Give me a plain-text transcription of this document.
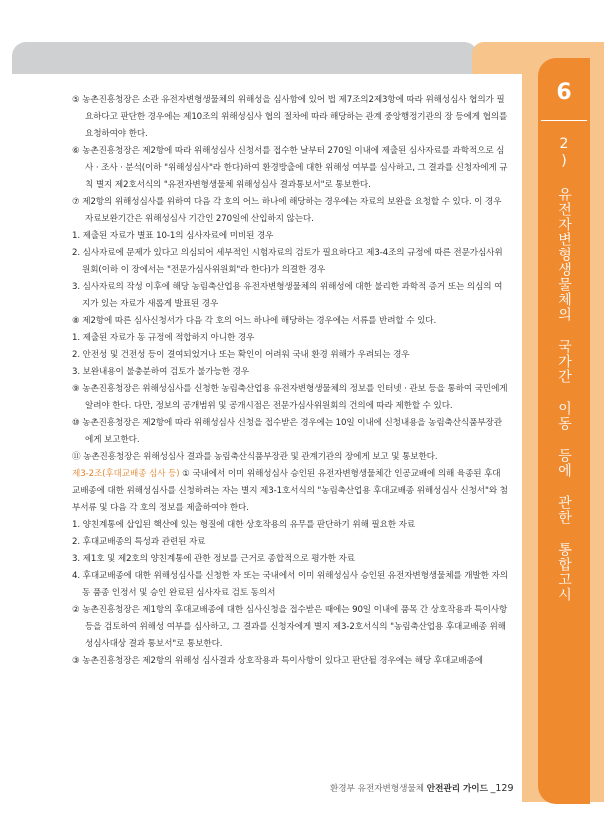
6
2) 유전자변형생물체의 국가간 이동 등에 관한 통합고시

⑤ 농촌진흥청장은 소관 유전자변형생물체의 위해성을 심사함에 있어 법 제7조의2제3항에 따라 위해성심사 협의가 필요하다고 판단한 경우에는 제10조의 위해성심사 협의 절차에 따라 해당하는 관계 중앙행정기관의 장 등에게 협의를 요청하여야 한다.

⑥ 농촌진흥청장은 제2항에 따라 위해성심사 신청서를 접수한 날부터 270일 이내에 제출된 심사자료를 과학적으로 심사 · 조사 · 분석(이하 "위해성심사"라 한다)하여 환경방출에 대한 위해성 여부를 심사하고, 그 결과를 신청자에게 규칙 별지 제2호서식의 "유전자변형생물체 위해성심사 결과통보서"로 통보한다.

⑦ 제2항의 위해성심사를 위하여 다음 각 호의 어느 하나에 해당하는 경우에는 자료의 보완을 요청할 수 있다. 이 경우 자료보완기간은 위해성심사 기간인 270일에 산입하지 않는다.

1. 제출된 자료가 별표 10-1의 심사자료에 미비된 경우

2. 심사자료에 문제가 있다고 의심되어 세부적인 시험자료의 검토가 필요하다고 제3-4조의 규정에 따른 전문가심사위원회(이하 이 장에서는 "전문가심사위원회"라 한다)가 의결한 경우

3. 심사자료의 작성 이후에 해당 농림축산업용 유전자변형생물체의 위해성에 대한 불리한 과학적 증거 또는 의심의 여지가 있는 자료가 새롭게 발표된 경우

⑧ 제2항에 따른 심사신청서가 다음 각 호의 어느 하나에 해당하는 경우에는 서류를 반려할 수 있다.

1. 제출된 자료가 동 규정에 적합하지 아니한 경우

2. 안전성 및 건전성 등이 결여되었거나 또는 확인이 어려워 국내 환경 위해가 우려되는 경우

3. 보완내용이 불충분하여 검토가 불가능한 경우

⑨ 농촌진흥청장은 위해성심사를 신청한 농림축산업용 유전자변형생물체의 정보를 인터넷 · 관보 등을 통하여 국민에게 알려야 한다. 다만, 정보의 공개범위 및 공개시점은 전문가심사위원회의 건의에 따라 제한할 수 있다.

⑩ 농촌진흥청장은 제2항에 따라 위해성심사 신청을 접수받은 경우에는 10일 이내에 신청내용을 농림축산식품부장관에게 보고한다.

⑪ 농촌진흥청장은 위해성심사 결과를 농림축산식품부장관 및 관계기관의 장에게 보고 및 통보한다.

제3-2조(후대교배종 심사 등) ① 국내에서 이미 위해성심사 승인된 유전자변형생물체간 인공교배에 의해 육종된 후대교배종에 대한 위해성심사를 신청하려는 자는 별지 제3-1호서식의 "농림축산업용 후대교배종 위해성심사 신청서"와 첨부서류 및 다음 각 호의 정보를 제출하여야 한다.

1. 양친계통에 삽입된 핵산에 있는 형질에 대한 상호작용의 유무를 판단하기 위해 필요한 자료

2. 후대교배종의 특성과 관련된 자료

3. 제1호 및 제2호의 양친계통에 관한 정보를 근거로 종합적으로 평가한 자료

4. 후대교배종에 대한 위해성심사를 신청한 자 또는 국내에서 이미 위해성심사 승인된 유전자변형생물체를 개발한 자의 동 품종 인정서 및 승인 완료된 심사자료 검토 동의서

② 농촌진흥청장은 제1항의 후대교배종에 대한 심사신청을 접수받은 때에는 90일 이내에 품목 간 상호작용과 특이사항 등을 검토하여 위해성 여부를 심사하고, 그 결과를 신청자에게 별지 제3-2호서식의 "농림축산업용 후대교배종 위해성심사대상 결과 통보서"로 통보한다.

③ 농촌진흥청장은 제2항의 위해성 심사결과 상호작용과 특이사항이 있다고 판단될 경우에는 해당 후대교배종에

환경부 유전자변형생물체 안전관리 가이드 _129
